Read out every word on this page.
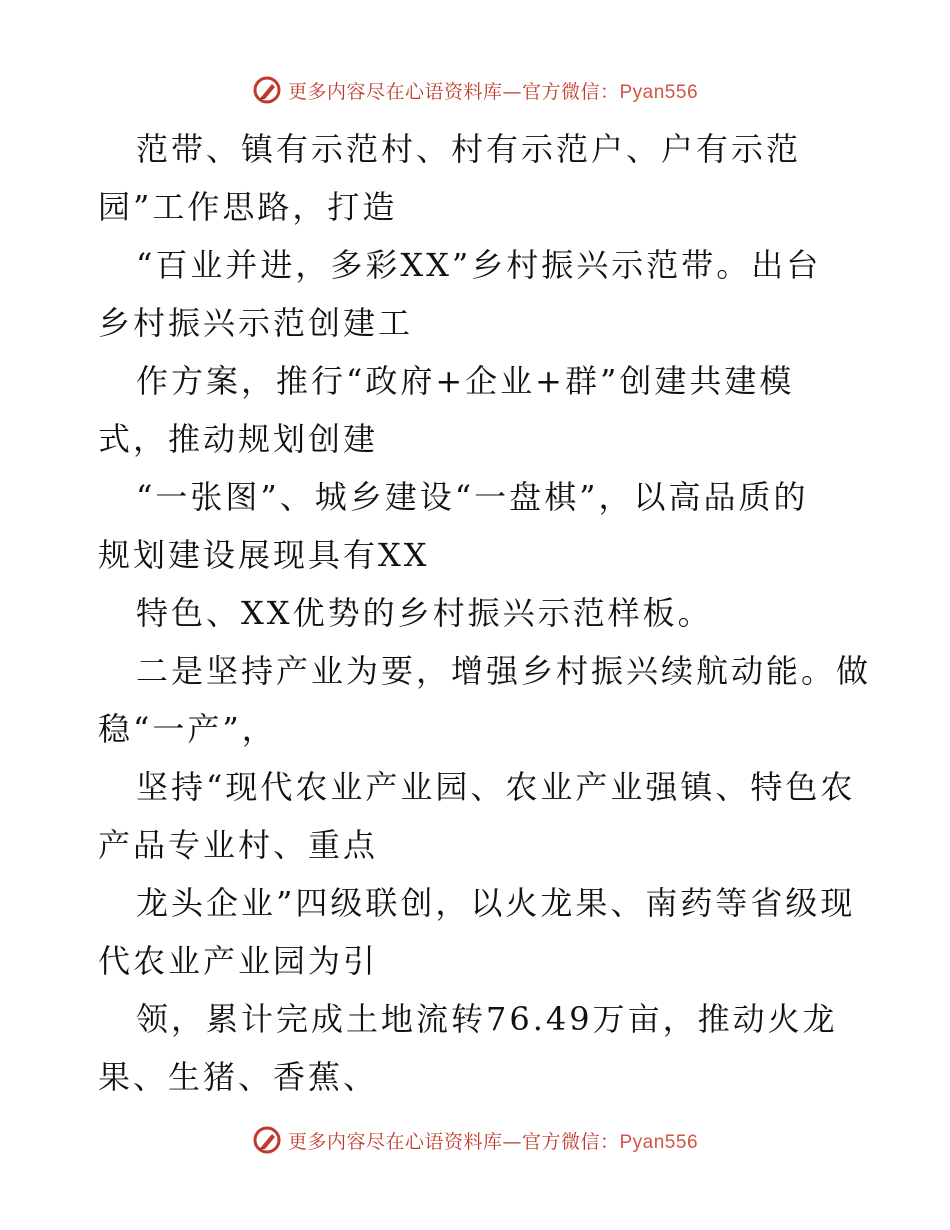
更多内容尽在心语资料库—官方微信：Pyan556
范带、镇有示范村、村有示范户、户有示范
园”工作思路，打造
“百业并进，多彩XX”乡村振兴示范带。出台
乡村振兴示范创建工
作方案，推行“政府+企业+群”创建共建模
式，推动规划创建
“一张图”、城乡建设“一盘棋”，以高品质的
规划建设展现具有XX
特色、XX优势的乡村振兴示范样板。
二是坚持产业为要，增强乡村振兴续航动能。做
稳“一产”，
坚持“现代农业产业园、农业产业强镇、特色农
产品专业村、重点
龙头企业”四级联创，以火龙果、南药等省级现
代农业产业园为引
领，累计完成土地流转76.49万亩，推动火龙
果、生猪、香蕉、
更多内容尽在心语资料库—官方微信：Pyan556
